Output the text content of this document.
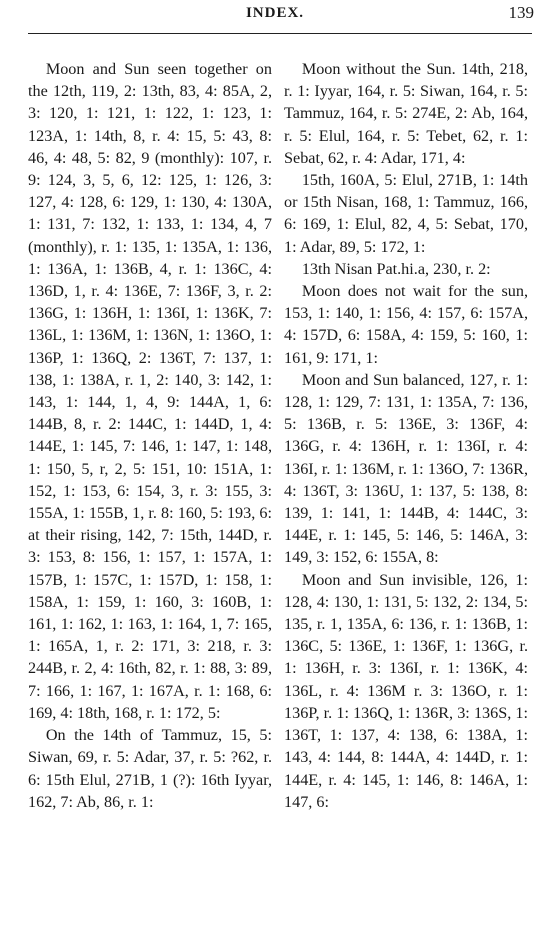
INDEX.	139

Moon and Sun seen together on the 12th, 119, 2: 13th, 83, 4: 85A, 2, 3: 120, 1: 121, 1: 122, 1: 123, 1: 123A, 1: 14th, 8, r. 4: 15, 5: 43, 8: 46, 4: 48, 5: 82, 9 (monthly): 107, r. 9: 124, 3, 5, 6, 12: 125, 1: 126, 3: 127, 4: 128, 6: 129, 1: 130, 4: 130A, 1: 131, 7: 132, 1: 133, 1: 134, 4, 7 (monthly), r. 1: 135, 1: 135A, 1: 136, 1: 136A, 1: 136B, 4, r. 1: 136C, 4: 136D, 1, r. 4: 136E, 7: 136F, 3, r. 2: 136G, 1: 136H, 1: 136I, 1: 136K, 7: 136L, 1: 136M, 1: 136N, 1: 136O, 1: 136P, 1: 136Q, 2: 136T, 7: 137, 1: 138, 1: 138A, r. 1, 2: 140, 3: 142, 1: 143, 1: 144, 1, 4, 9: 144A, 1, 6: 144B, 8, r. 2: 144C, 1: 144D, 1, 4: 144E, 1: 145, 7: 146, 1: 147, 1: 148, 1: 150, 5, r, 2, 5: 151, 10: 151A, 1: 152, 1: 153, 6: 154, 3, r. 3: 155, 3: 155A, 1: 155B, 1, r. 8: 160, 5: 193, 6: at their rising, 142, 7: 15th, 144D, r. 3: 153, 8: 156, 1: 157, 1: 157A, 1: 157B, 1: 157C, 1: 157D, 1: 158, 1: 158A, 1: 159, 1: 160, 3: 160B, 1: 161, 1: 162, 1: 163, 1: 164, 1, 7: 165, 1: 165A, 1, r. 2: 171, 3: 218, r. 3: 244B, r. 2, 4: 16th, 82, r. 1: 88, 3: 89, 7: 166, 1: 167, 1: 167A, r. 1: 168, 6: 169, 4: 18th, 168, r. 1: 172, 5:

On the 14th of Tammuz, 15, 5: Siwan, 69, r. 5: Adar, 37, r. 5: ?62, r. 6: 15th Elul, 271B, 1 (?): 16th Iyyar, 162, 7: Ab, 86, r. 1:

Moon without the Sun. 14th, 218, r. 1: Iyyar, 164, r. 5: Siwan, 164, r. 5: Tammuz, 164, r. 5: 274E, 2: Ab, 164, r. 5: Elul, 164, r. 5: Tebet, 62, r. 1: Sebat, 62, r. 4: Adar, 171, 4:

15th, 160A, 5: Elul, 271B, 1: 14th or 15th Nisan, 168, 1: Tammuz, 166, 6: 169, 1: Elul, 82, 4, 5: Sebat, 170, 1: Adar, 89, 5: 172, 1:

13th Nisan Pat.hi.a, 230, r. 2:

Moon does not wait for the sun, 153, 1: 140, 1: 156, 4: 157, 6: 157A, 4: 157D, 6: 158A, 4: 159, 5: 160, 1: 161, 9: 171, 1:

Moon and Sun balanced, 127, r. 1: 128, 1: 129, 7: 131, 1: 135A, 7: 136, 5: 136B, r. 5: 136E, 3: 136F, 4: 136G, r. 4: 136H, r. 1: 136I, r. 4: 136I, r. 1: 136M, r. 1: 136O, 7: 136R, 4: 136T, 3: 136U, 1: 137, 5: 138, 8: 139, 1: 141, 1: 144B, 4: 144C, 3: 144E, r. 1: 145, 5: 146, 5: 146A, 3: 149, 3: 152, 6: 155A, 8:

Moon and Sun invisible, 126, 1: 128, 4: 130, 1: 131, 5: 132, 2: 134, 5: 135, r. 1, 135A, 6: 136, r. 1: 136B, 1: 136C, 5: 136E, 1: 136F, 1: 136G, r. 1: 136H, r. 3: 136I, r. 1: 136K, 4: 136L, r. 4: 136M r. 3: 136O, r. 1: 136P, r. 1: 136Q, 1: 136R, 3: 136S, 1: 136T, 1: 137, 4: 138, 6: 138A, 1: 143, 4: 144, 8: 144A, 4: 144D, r. 1: 144E, r. 4: 145, 1: 146, 8: 146A, 1: 147, 6:
